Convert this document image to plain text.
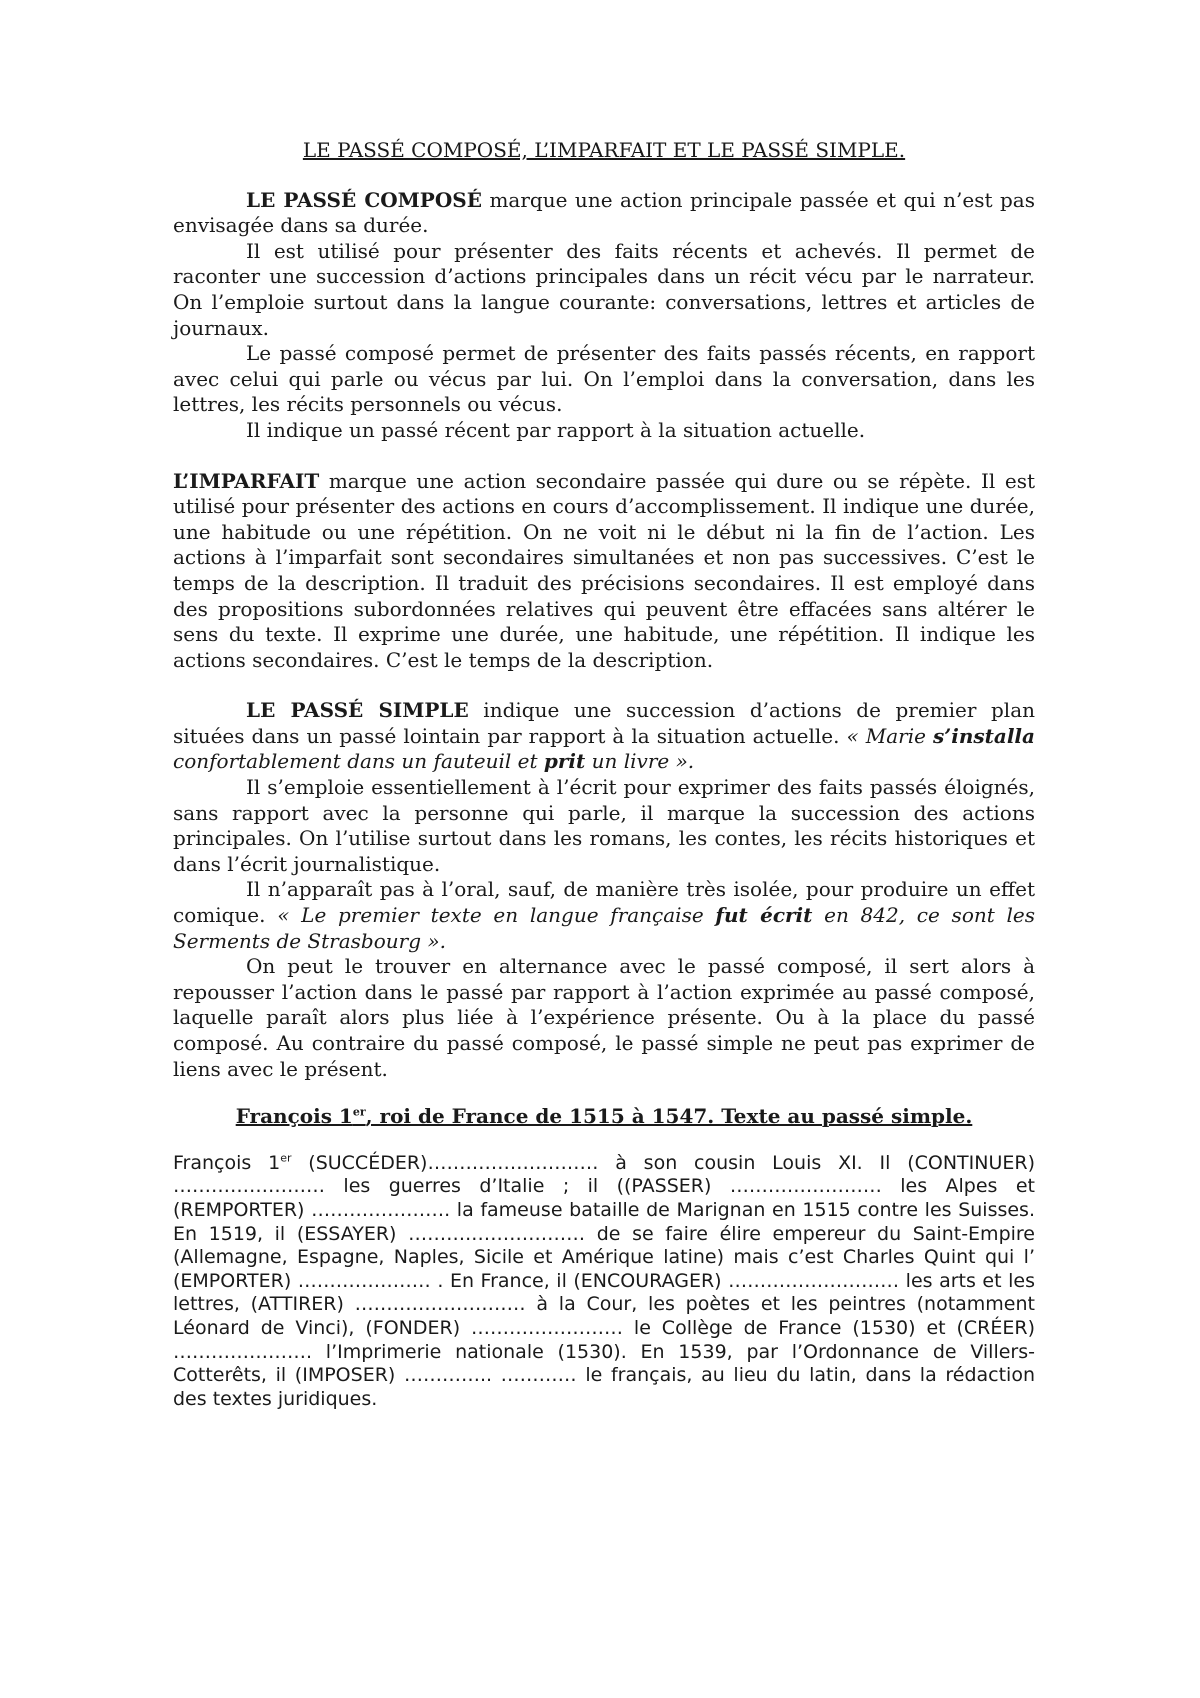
LE PASSÉ COMPOSÉ, L’IMPARFAIT ET LE PASSÉ SIMPLE.

LE PASSÉ COMPOSÉ marque une action principale passée et qui n’est pas envisagée dans sa durée.

Il est utilisé pour présenter des faits récents et achevés. Il permet de raconter une succession d’actions principales dans un récit vécu par le narrateur. On l’emploie surtout dans la langue courante: conversations, lettres et articles de journaux.

Le passé composé permet de présenter des faits passés récents, en rapport avec celui qui parle ou vécus par lui. On l’emploi dans la conversation, dans les lettres, les récits personnels ou vécus.

Il indique un passé récent par rapport à la situation actuelle.

L’IMPARFAIT marque une action secondaire passée qui dure ou se répète. Il est utilisé pour présenter des actions en cours d’accomplissement. Il indique une durée, une habitude ou une répétition. On ne voit ni le début ni la fin de l’action. Les actions à l’imparfait sont secondaires simultanées et non pas successives. C’est le temps de la description. Il traduit des précisions secondaires. Il est employé dans des propositions subordonnées relatives qui peuvent être effacées sans altérer le sens du texte. Il exprime une durée, une habitude, une répétition. Il indique les actions secondaires. C’est le temps de la description.

LE PASSÉ SIMPLE indique une succession d’actions de premier plan situées dans un passé lointain par rapport à la situation actuelle. « Marie s’installa confortablement dans un fauteuil et prit un livre ».

Il s’emploie essentiellement à l’écrit pour exprimer des faits passés éloignés, sans rapport avec la personne qui parle, il marque la succession des actions principales. On l’utilise surtout dans les romans, les contes, les récits historiques et dans l’écrit journalistique.

Il n’apparaît pas à l’oral, sauf, de manière très isolée, pour produire un effet comique. « Le premier texte en langue française fut écrit en 842, ce sont les Serments de Strasbourg ».

On peut le trouver en alternance avec le passé composé, il sert alors à repousser l’action dans le passé par rapport à l’action exprimée au passé composé, laquelle paraît alors plus liée à l’expérience présente. Ou à la place du passé composé. Au contraire du passé composé, le passé simple ne peut pas exprimer de liens avec le présent.

François 1er, roi de France de 1515 à 1547. Texte au passé simple.

François 1er (SUCCÉDER)……………………… à son cousin Louis XI. Il (CONTINUER) …………………… les guerres d’Italie ; il ((PASSER) …………………… les Alpes et (REMPORTER) …………………. la fameuse bataille de Marignan en 1515 contre les Suisses. En 1519, il (ESSAYER) ……….……………… de se faire élire empereur du Saint-Empire (Allemagne, Espagne, Naples, Sicile et Amérique latine) mais c’est Charles Quint qui l’ (EMPORTER) ………………… . En France, il (ENCOURAGER) ……………………… les arts et les lettres, (ATTIRER) ……………………… à la Cour, les poètes et les peintres (notamment Léonard de Vinci), (FONDER) …………………… le Collège de France (1530) et (CRÉER) …………………. l’Imprimerie nationale (1530). En 1539, par l’Ordonnance de Villers-Cotterêts, il (IMPOSER) ………….. ………… le français, au lieu du latin, dans la rédaction des textes juridiques.
